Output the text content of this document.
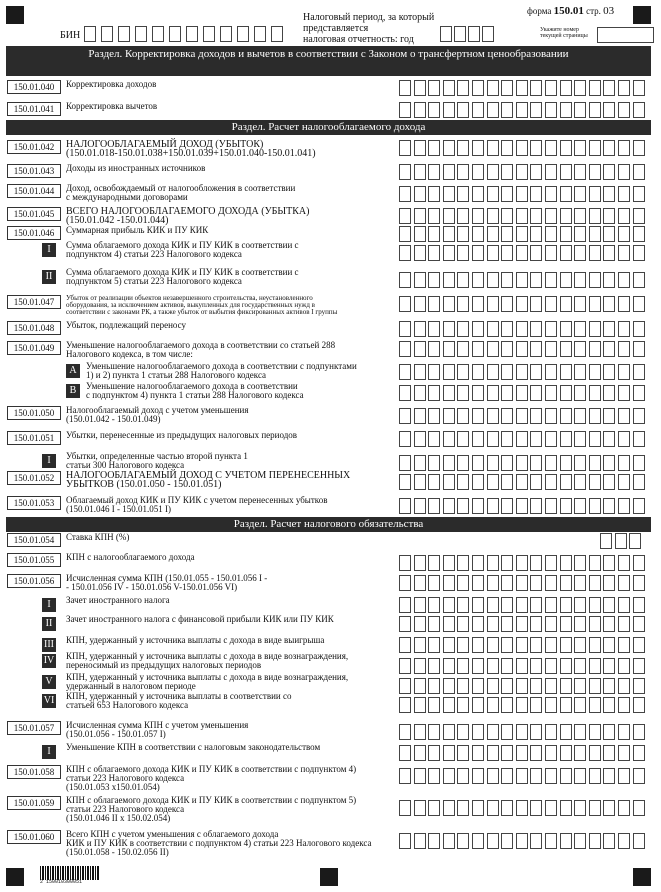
БИН
Налоговый период, за который
представляется
налоговая отчетность: год
форма 150.01 стр. 03
Укажите номер
текущей страницы
Раздел. Корректировка доходов и вычетов в соответствии с Законом о трансфертном ценообразовании
Раздел. Расчет налогооблагаемого дохода
Раздел. Расчет налогового обязательства
150.01.040	Корректировка доходов
150.01.041	Корректировка вычетов
150.01.042	НАЛОГООБЛАГАЕМЫЙ ДОХОД (УБЫТОК)
(150.01.018-150.01.038+150.01.039+150.01.040-150.01.041)
150.01.043	Доходы из иностранных источников
150.01.044	Доход, освобождаемый от налогообложения в соответствии
с международными договорами
150.01.045	ВСЕГО НАЛОГООБЛАГАЕМОГО ДОХОДА (УБЫТКА)
(150.01.042 -150.01.044)
150.01.046	Суммарная прибыль КИК и ПУ КИК
I	Сумма облагаемого дохода КИК и ПУ КИК в соответствии с
подпунктом 4) статьи 223 Налогового кодекса
II	Сумма облагаемого дохода КИК и ПУ КИК в соответствии с
подпунктом 5) статьи 223 Налогового кодекса
150.01.047	Убыток от реализации объектов незавершенного строительства, неустановленного
оборудования, за исключением активов, выкупленных для государственных нужд в
соответствии с законами РК, а также убыток от выбытия фиксированных активов I группы
150.01.048	Убыток, подлежащий переносу
150.01.049	Уменьшение налогооблагаемого дохода в соответствии со статьей 288
Налогового кодекса, в том числе:
A	Уменьшение налогооблагаемого дохода в соответствии с подпунктами
1) и 2) пункта 1 статьи 288 Налогового кодекса
B	Уменьшение налогооблагаемого дохода в соответствии
с подпунктом 4) пункта 1 статьи 288 Налогового кодекса
150.01.050	Налогооблагаемый доход с учетом уменьшения
(150.01.042 - 150.01.049)
150.01.051	Убытки, перенесенные из предыдущих налоговых периодов
I	Убытки, определенные частью второй пункта 1
статьи 300 Налогового кодекса
150.01.052	НАЛОГООБЛАГАЕМЫЙ ДОХОД С УЧЕТОМ ПЕРЕНЕСЕННЫХ
УБЫТКОВ (150.01.050 - 150.01.051)
150.01.053	Облагаемый доход КИК и ПУ КИК с учетом перенесенных убытков
(150.01.046 I - 150.01.051 I)
150.01.054	Ставка КПН (%)
150.01.055	КПН с налогооблагаемого дохода
150.01.056	Исчисленная сумма КПН (150.01.055 - 150.01.056 I -
- 150.01.056 IV - 150.01.056 V-150.01.056 VI)
I	Зачет иностранного налога
II	Зачет иностранного налога с финансовой прибыли КИК или ПУ КИК
III КПН, удержанный у источника выплаты с дохода в виде выигрыша
IV КПН, удержанный у источника выплаты с дохода в виде вознаграждения,
переносимый из предыдущих налоговых периодов
V	КПН, удержанный у источника выплаты с дохода в виде вознаграждения,
удержанный в налоговом периоде
VI КПН, удержанный у источника выплаты в соответствии со
статьей 653 Налогового кодекса
150.01.057	Исчисленная сумма КПН с учетом уменьшения
(150.01.056 - 150.01.057 I)
I	Уменьшение КПН в соответствии с налоговым законодательством
150.01.058	КПН с облагаемого дохода КИК и ПУ КИК в соответствии с подпунктом 4)
статьи 223 Налогового кодекса
(150.01.053 х150.01.054)
150.01.059	КПН с облагаемого дохода КИК и ПУ КИК в соответствии с подпунктом 5)
статьи 223 Налогового кодекса
(150.01.046 II х 150.02.054)
150.01.060	Всего КПН с учетом уменьшения с облагаемого дохода
КИК и ПУ КИК в соответствии с подпунктом 4) статьи 223 Налогового кодекса
(150.01.058 - 150.02.056 II)
2 150010300051
